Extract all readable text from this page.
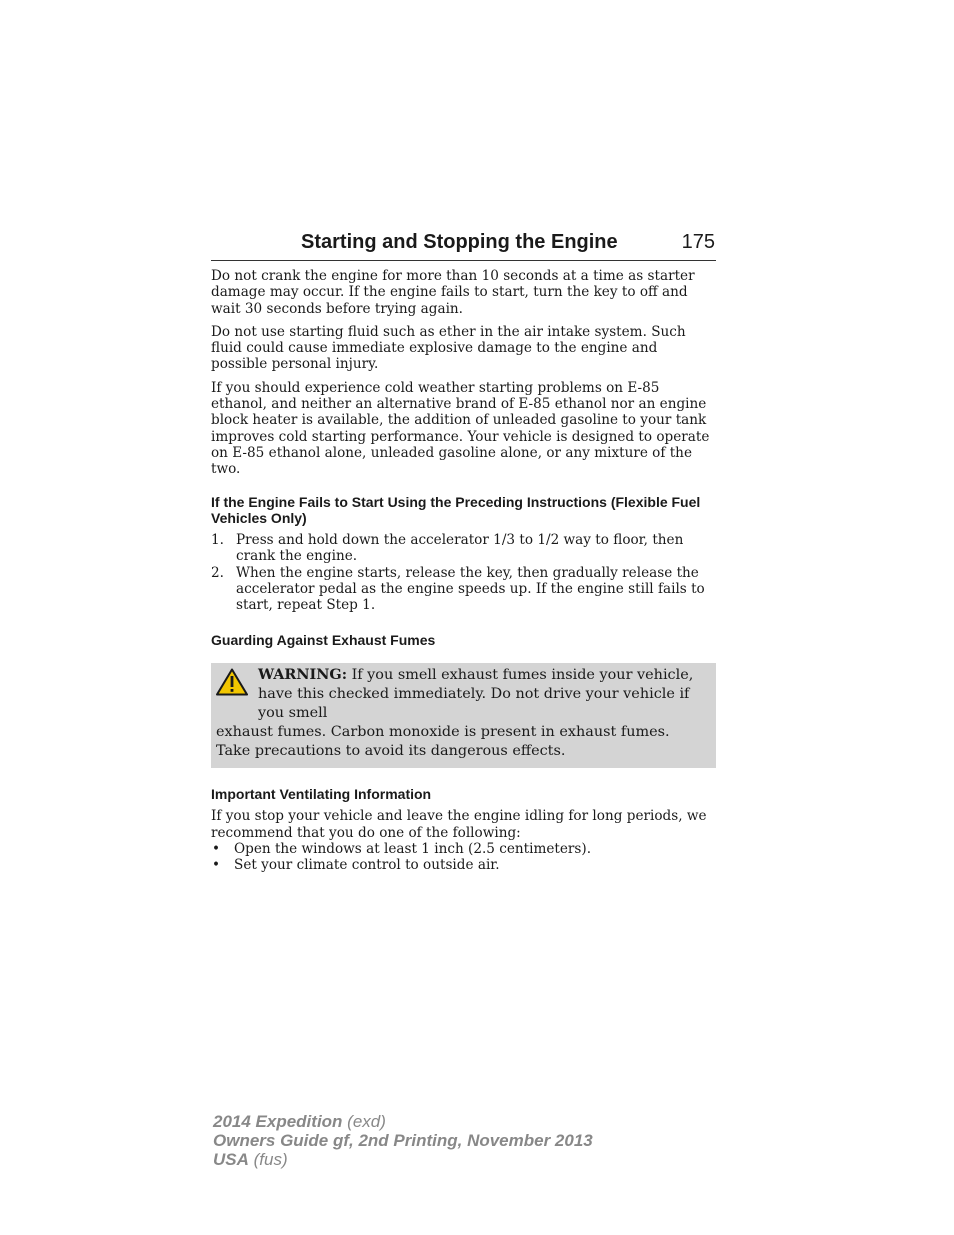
Starting and Stopping the Engine	175

Do not crank the engine for more than 10 seconds at a time as starter damage may occur. If the engine fails to start, turn the key to off and wait 30 seconds before trying again.

Do not use starting fluid such as ether in the air intake system. Such fluid could cause immediate explosive damage to the engine and possible personal injury.

If you should experience cold weather starting problems on E-85 ethanol, and neither an alternative brand of E-85 ethanol nor an engine block heater is available, the addition of unleaded gasoline to your tank improves cold starting performance. Your vehicle is designed to operate on E-85 ethanol alone, unleaded gasoline alone, or any mixture of the two.

If the Engine Fails to Start Using the Preceding Instructions (Flexible Fuel Vehicles Only)
1. Press and hold down the accelerator 1/3 to 1/2 way to floor, then crank the engine.
2. When the engine starts, release the key, then gradually release the accelerator pedal as the engine speeds up. If the engine still fails to start, repeat Step 1.
Guarding Against Exhaust Fumes
WARNING: If you smell exhaust fumes inside your vehicle, have this checked immediately. Do not drive your vehicle if you smell
exhaust fumes. Carbon monoxide is present in exhaust fumes. Take precautions to avoid its dangerous effects.
Important Ventilating Information

If you stop your vehicle and leave the engine idling for long periods, we recommend that you do one of the following:

• Open the windows at least 1 inch (2.5 centimeters).
• Set your climate control to outside air.
2014 Expedition (exd)
Owners Guide gf, 2nd Printing, November 2013
USA (fus)
